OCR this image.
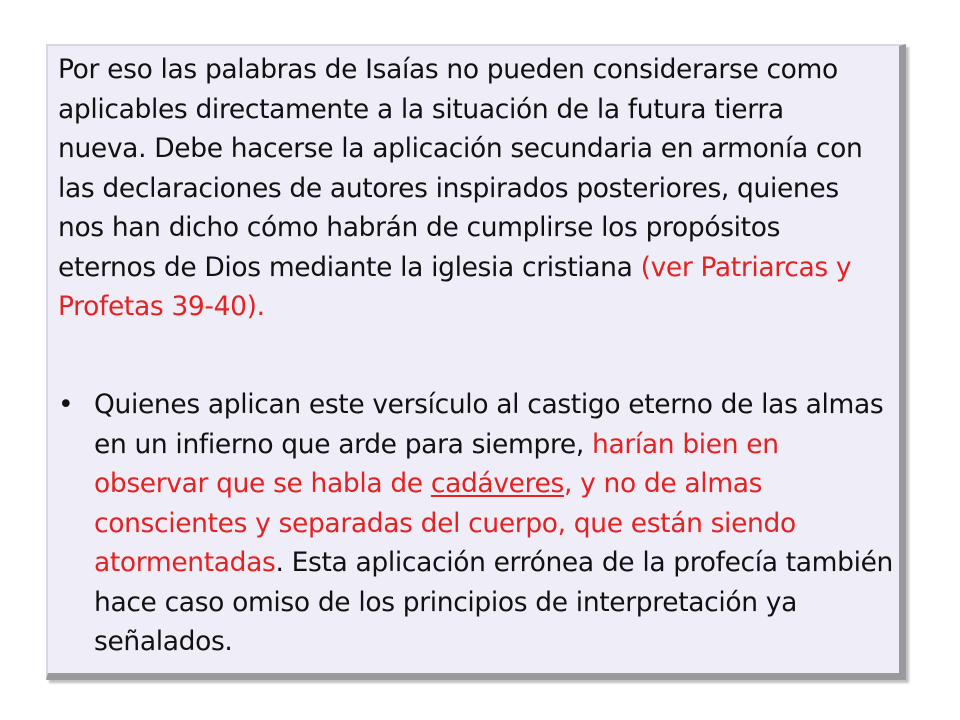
Por eso las palabras de Isaías no pueden considerarse como aplicables directamente a la situación de la futura tierra nueva. Debe hacerse la aplicación secundaria en armonía con las declaraciones de autores inspirados posteriores, quienes nos han dicho cómo habrán de cumplirse los propósitos eternos de Dios mediante la iglesia cristiana (ver Patriarcas y Profetas 39-40).

• Quienes aplican este versículo al castigo eterno de las almas en un infierno que arde para siempre, harían bien en observar que se habla de cadáveres, y no de almas conscientes y separadas del cuerpo, que están siendo atormentadas. Esta aplicación errónea de la profecía también hace caso omiso de los principios de interpretación ya señalados.
